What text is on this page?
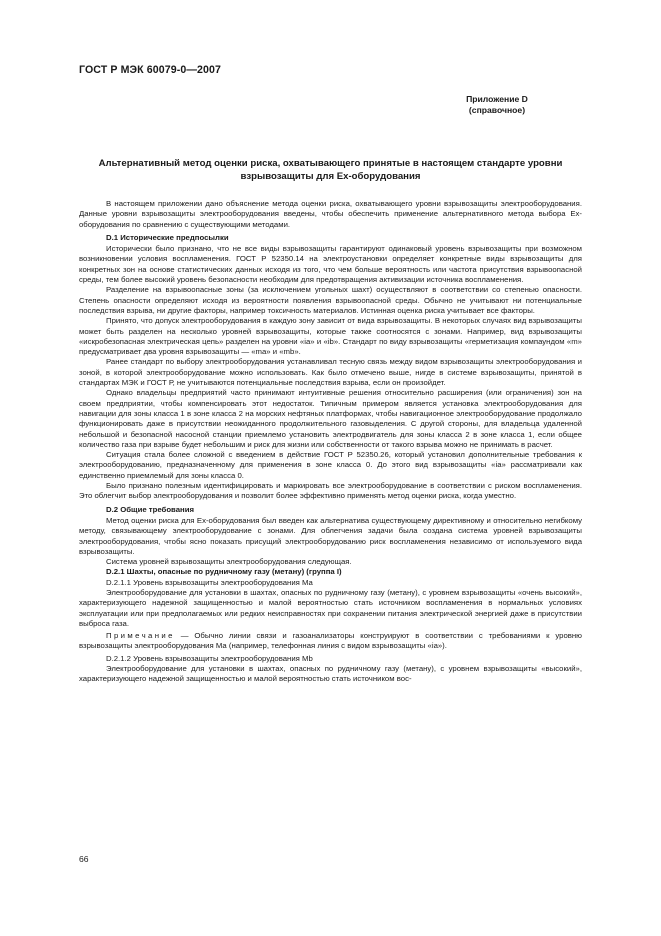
ГОСТ Р МЭК 60079-0—2007
Приложение D
(справочное)
Альтернативный метод оценки риска, охватывающего принятые в настоящем стандарте уровни взрывозащиты для Ex-оборудования

В настоящем приложении дано объяснение метода оценки риска, охватывающего уровни взрывозащиты электрооборудования. Данные уровни взрывозащиты электрооборудования введены, чтобы обеспечить применение альтернативного метода выбора Ex-оборудования по сравнению с существующими методами.

D.1 Исторические предпосылки

Исторически было признано, что не все виды взрывозащиты гарантируют одинаковый уровень взрывозащиты при возможном возникновении условия воспламенения. ГОСТ Р 52350.14 на электроустановки определяет конкретные виды взрывозащиты для конкретных зон на основе статистических данных исходя из того, что чем больше вероятность или частота присутствия взрывоопасной среды, тем более высокий уровень безопасности необходим для предотвращения активизации источника воспламенения.

Разделение на взрывоопасные зоны (за исключением угольных шахт) осуществляют в соответствии со степенью опасности. Степень опасности определяют исходя из вероятности появления взрывоопасной среды. Обычно не учитывают ни потенциальные последствия взрыва, ни другие факторы, например токсичность материалов. Истинная оценка риска учитывает все факторы.

Принято, что допуск электрооборудования в каждую зону зависит от вида взрывозащиты. В некоторых случаях вид взрывозащиты может быть разделен на несколько уровней взрывозащиты, которые также соотносятся с зонами. Например, вид взрывозащиты «искробезопасная электрическая цепь» разделен на уровни «ia» и «ib». Стандарт по виду взрывозащиты «герметизация компаундом «m» предусматривает два уровня взрывозащиты — «ma» и «mb».

Ранее стандарт по выбору электрооборудования устанавливал тесную связь между видом взрывозащиты электрооборудования и зоной, в которой электрооборудование можно использовать. Как было отмечено выше, нигде в системе взрывозащиты, принятой в стандартах МЭК и ГОСТ Р, не учитываются потенциальные последствия взрыва, если он произойдет.

Однако владельцы предприятий часто принимают интуитивные решения относительно расширения (или ограничения) зон на своем предприятии, чтобы компенсировать этот недостаток. Типичным примером является установка электрооборудования для навигации для зоны класса 1 в зоне класса 2 на морских нефтяных платформах, чтобы навигационное электрооборудование продолжало функционировать даже в присутствии неожиданного продолжительного газовыделения. С другой стороны, для владельца удаленной небольшой и безопасной насосной станции приемлемо установить электродвигатель для зоны класса 2 в зоне класса 1, если общее количество газа при взрыве будет небольшим и риск для жизни или собственности от такого взрыва можно не принимать в расчет.

Ситуация стала более сложной с введением в действие ГОСТ Р 52350.26, который установил дополнительные требования к электрооборудованию, предназначенному для применения в зоне класса 0. До этого вид взрывозащиты «ia» рассматривали как единственно приемлемый для зоны класса 0.

Было признано полезным идентифицировать и маркировать все электрооборудование в соответствии с риском воспламенения. Это облегчит выбор электрооборудования и позволит более эффективно применять метод оценки риска, когда уместно.

D.2 Общие требования

Метод оценки риска для Ex-оборудования был введен как альтернатива существующему директивному и относительно негибкому методу, связывающему электрооборудование с зонами. Для облегчения задачи была создана система уровней взрывозащиты электрооборудования, чтобы ясно показать присущий электрооборудованию риск воспламенения независимо от используемого вида взрывозащиты.

Система уровней взрывозащиты электрооборудования следующая.

D.2.1 Шахты, опасные по рудничному газу (метану) (группа I)

D.2.1.1 Уровень взрывозащиты электрооборудования Ма

Электрооборудование для установки в шахтах, опасных по рудничному газу (метану), с уровнем взрывозащиты «очень высокий», характеризующего надежной защищенностью и малой вероятностью стать источником воспламенения в нормальных условиях эксплуатации или при предполагаемых или редких неисправностях при сохранении питания электрической энергией даже в присутствии выброса газа.

Примечание — Обычно линии связи и газоанализаторы конструируют в соответствии с требованиями к уровню взрывозащиты электрооборудования Ма (например, телефонная линия с видом взрывозащиты «ia»).

D.2.1.2 Уровень взрывозащиты электрооборудования Mb

Электрооборудование для установки в шахтах, опасных по рудничному газу (метану), с уровнем взрывозащиты «высокий», характеризующего надежной защищенностью и малой вероятностью стать источником вос-

66
